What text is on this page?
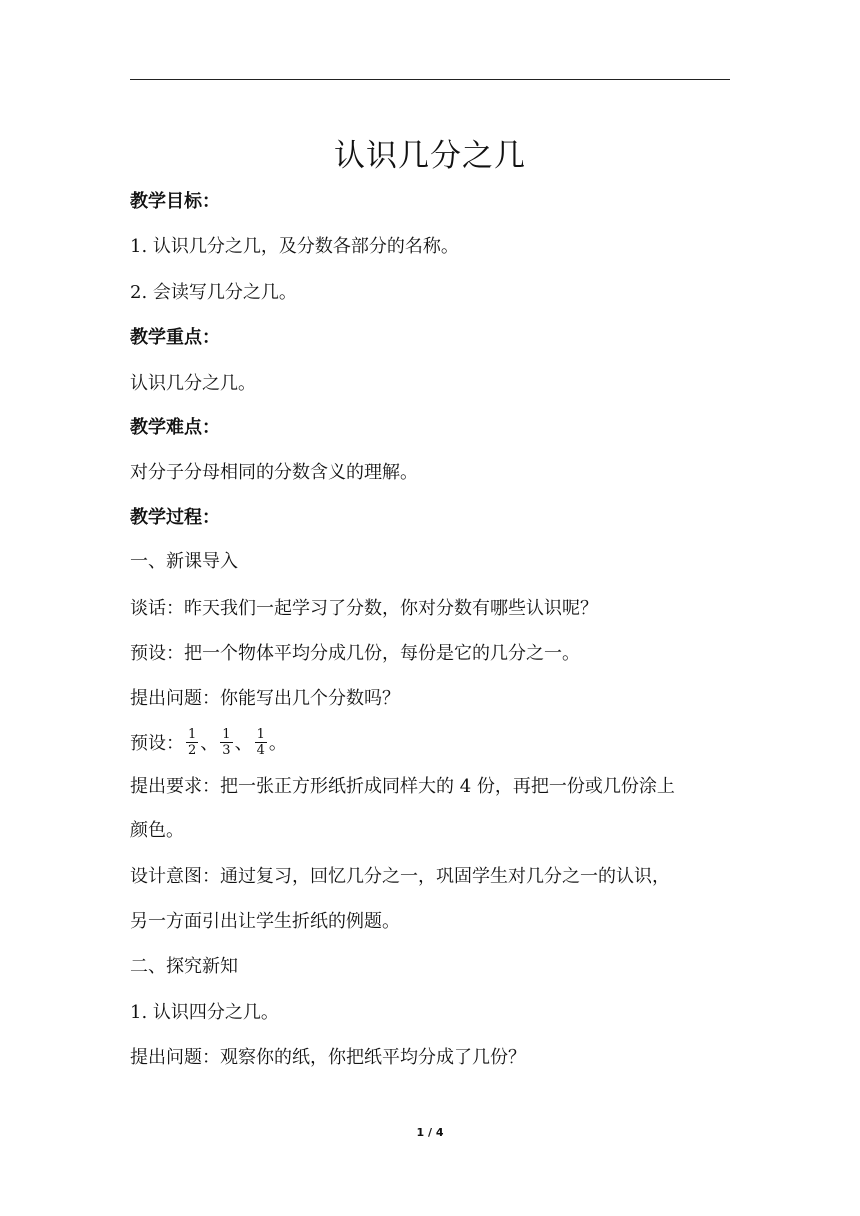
认识几分之几
教学目标：
1. 认识几分之几，及分数各部分的名称。
2. 会读写几分之几。
教学重点：
认识几分之几。
教学难点：
对分子分母相同的分数含义的理解。
教学过程：
一、新课导入
谈话：昨天我们一起学习了分数，你对分数有哪些认识呢？
预设：把一个物体平均分成几份，每份是它的几分之一。
提出问题：你能写出几个分数吗？
预设： $\frac{1}{2}$ 、 $\frac{1}{3}$ 、 $\frac{1}{4}$ 。
提出要求：把一张正方形纸折成同样大的 4 份，再把一份或几份涂上
颜色。
设计意图：通过复习，回忆几分之一，巩固学生对几分之一的认识，
另一方面引出让学生折纸的例题。
二、探究新知
1. 认识四分之几。
提出问题：观察你的纸，你把纸平均分成了几份？
1 / 4
